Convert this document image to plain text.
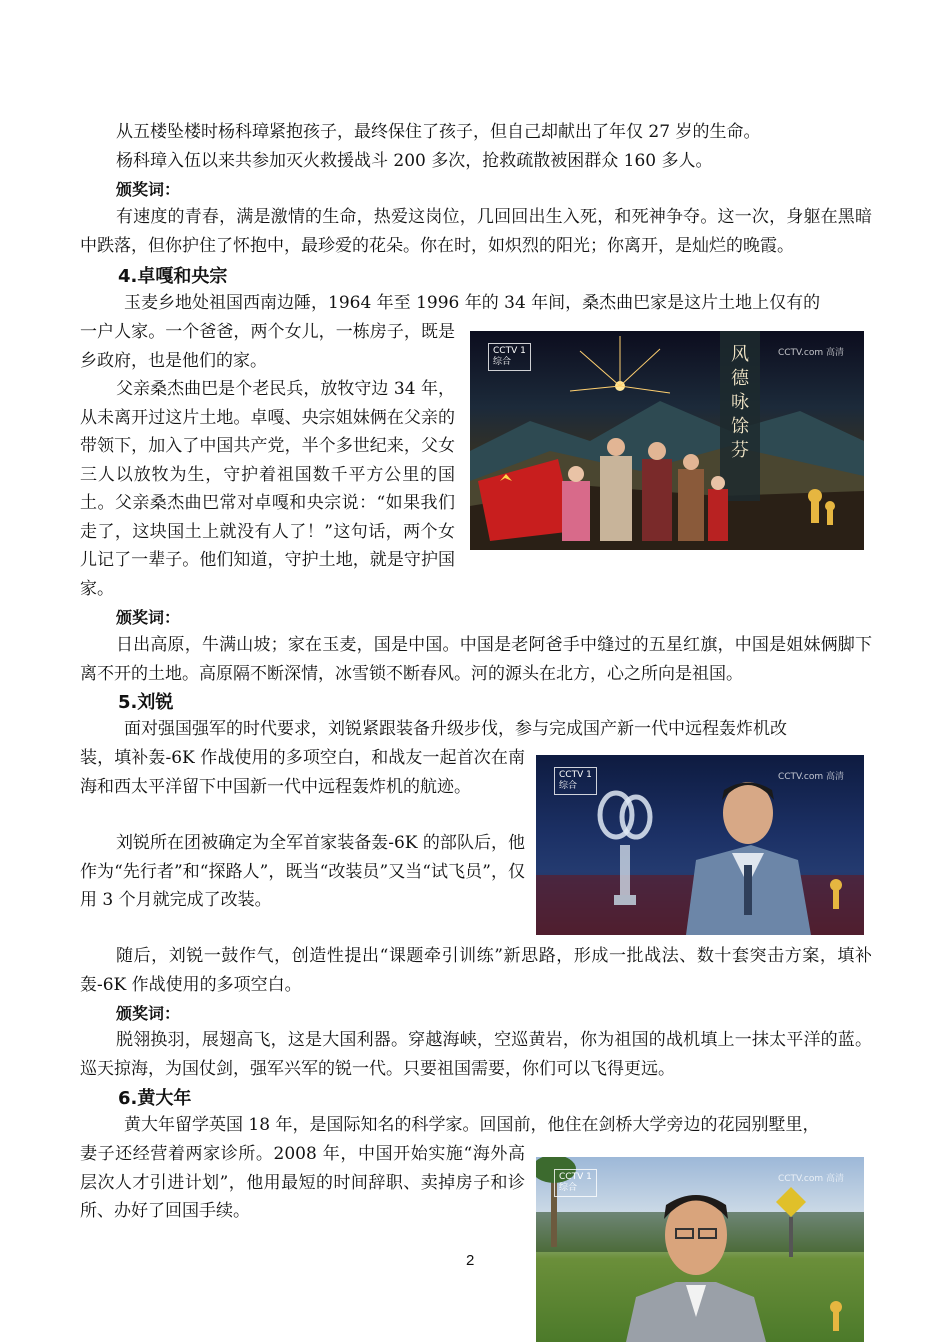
从五楼坠楼时杨科璋紧抱孩子，最终保住了孩子，但自己却献出了年仅 27 岁的生命。

杨科璋入伍以来共参加灭火救援战斗 200 多次，抢救疏散被困群众 160 多人。

颁奖词：

有速度的青春，满是激情的生命，热爱这岗位，几回回出生入死，和死神争夺。这一次，身躯在黑暗中跌落，但你护住了怀抱中，最珍爱的花朵。你在时，如炽烈的阳光；你离开，是灿烂的晚霞。

4.卓嘎和央宗

玉麦乡地处祖国西南边陲，1964 年至 1996 年的 34 年间，桑杰曲巴家是这片土地上仅有的

一户人家。一个爸爸，两个女儿，一栋房子，既是乡政府，也是他们的家。

父亲桑杰曲巴是个老民兵，放牧守边 34 年，从未离开过这片土地。卓嘎、央宗姐妹俩在父亲的带领下，加入了中国共产党，半个多世纪来，父女三人以放牧为生，守护着祖国数千平方公里的国土。父亲桑杰曲巴常对卓嘎和央宗说：“如果我们走了，这块国土上就没有人了！”这句话，两个女儿记了一辈子。他们知道，守护土地，就是守护国家。

CCTV 1
综合
CCTV.com 高清
风德咏馀芬
颁奖词：

日出高原，牛满山坡；家在玉麦，国是中国。中国是老阿爸手中缝过的五星红旗，中国是姐妹俩脚下离不开的土地。高原隔不断深情，冰雪锁不断春风。河的源头在北方，心之所向是祖国。

5.刘锐

面对强国强军的时代要求，刘锐紧跟装备升级步伐，参与完成国产新一代中远程轰炸机改

装，填补轰-6K 作战使用的多项空白，和战友一起首次在南海和西太平洋留下中国新一代中远程轰炸机的航迹。

刘锐所在团被确定为全军首家装备轰-6K 的部队后，他作为“先行者”和“探路人”，既当“改装员”又当“试飞员”，仅用 3 个月就完成了改装。

CCTV 1
综合
CCTV.com 高清

随后，刘锐一鼓作气，创造性提出“课题牵引训练”新思路，形成一批战法、数十套突击方案，填补轰-6K 作战使用的多项空白。

颁奖词：

脱翎换羽，展翅高飞，这是大国利器。穿越海峡，空巡黄岩，你为祖国的战机填上一抹太平洋的蓝。巡天掠海，为国仗剑，强军兴军的锐一代。只要祖国需要，你们可以飞得更远。

6.黄大年

黄大年留学英国 18 年，是国际知名的科学家。回国前，他住在剑桥大学旁边的花园别墅里，

妻子还经营着两家诊所。2008 年，中国开始实施“海外高层次人才引进计划”，他用最短的时间辞职、卖掉房子和诊所、办好了回国手续。

CCTV 1
综合
CCTV.com 高清
2
